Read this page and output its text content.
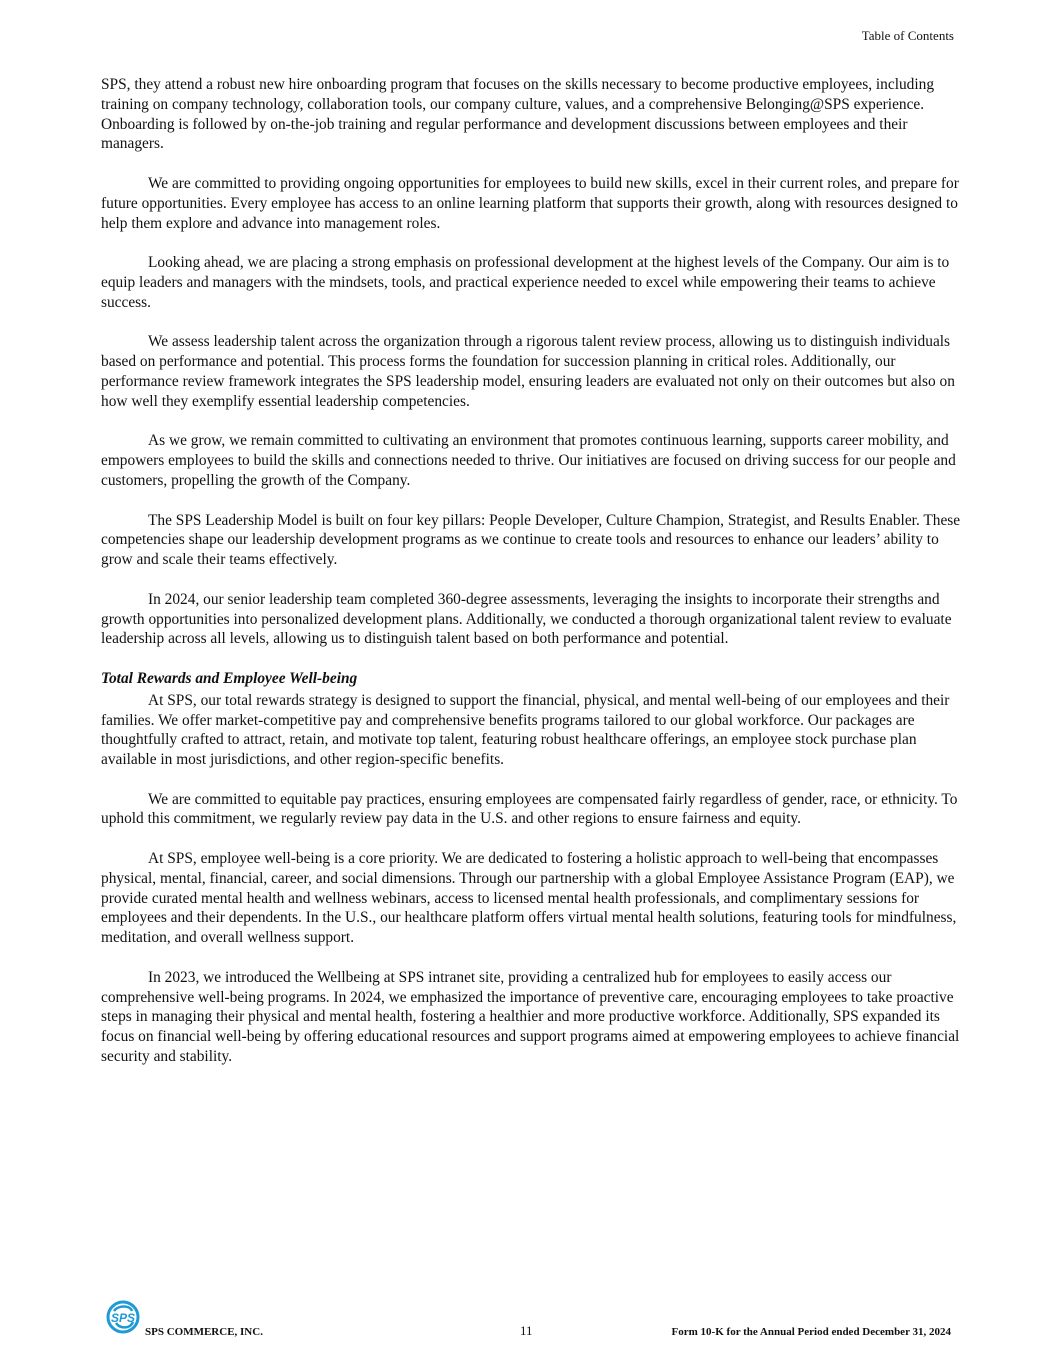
Table of Contents

SPS, they attend a robust new hire onboarding program that focuses on the skills necessary to become productive employees, including training on company technology, collaboration tools, our company culture, values, and a comprehensive Belonging@SPS experience. Onboarding is followed by on-the-job training and regular performance and development discussions between employees and their managers.

We are committed to providing ongoing opportunities for employees to build new skills, excel in their current roles, and prepare for future opportunities. Every employee has access to an online learning platform that supports their growth, along with resources designed to help them explore and advance into management roles.

Looking ahead, we are placing a strong emphasis on professional development at the highest levels of the Company. Our aim is to equip leaders and managers with the mindsets, tools, and practical experience needed to excel while empowering their teams to achieve success.

We assess leadership talent across the organization through a rigorous talent review process, allowing us to distinguish individuals based on performance and potential. This process forms the foundation for succession planning in critical roles. Additionally, our performance review framework integrates the SPS leadership model, ensuring leaders are evaluated not only on their outcomes but also on how well they exemplify essential leadership competencies.

As we grow, we remain committed to cultivating an environment that promotes continuous learning, supports career mobility, and empowers employees to build the skills and connections needed to thrive. Our initiatives are focused on driving success for our people and customers, propelling the growth of the Company.

The SPS Leadership Model is built on four key pillars: People Developer, Culture Champion, Strategist, and Results Enabler. These competencies shape our leadership development programs as we continue to create tools and resources to enhance our leaders’ ability to grow and scale their teams effectively.

In 2024, our senior leadership team completed 360-degree assessments, leveraging the insights to incorporate their strengths and growth opportunities into personalized development plans. Additionally, we conducted a thorough organizational talent review to evaluate leadership across all levels, allowing us to distinguish talent based on both performance and potential.

Total Rewards and Employee Well-being

At SPS, our total rewards strategy is designed to support the financial, physical, and mental well-being of our employees and their families. We offer market-competitive pay and comprehensive benefits programs tailored to our global workforce. Our packages are thoughtfully crafted to attract, retain, and motivate top talent, featuring robust healthcare offerings, an employee stock purchase plan available in most jurisdictions, and other region-specific benefits.

We are committed to equitable pay practices, ensuring employees are compensated fairly regardless of gender, race, or ethnicity. To uphold this commitment, we regularly review pay data in the U.S. and other regions to ensure fairness and equity.

At SPS, employee well-being is a core priority. We are dedicated to fostering a holistic approach to well-being that encompasses physical, mental, financial, career, and social dimensions. Through our partnership with a global Employee Assistance Program (EAP), we provide curated mental health and wellness webinars, access to licensed mental health professionals, and complimentary sessions for employees and their dependents. In the U.S., our healthcare platform offers virtual mental health solutions, featuring tools for mindfulness, meditation, and overall wellness support.

In 2023, we introduced the Wellbeing at SPS intranet site, providing a centralized hub for employees to easily access our comprehensive well-being programs. In 2024, we emphasized the importance of preventive care, encouraging employees to take proactive steps in managing their physical and mental health, fostering a healthier and more productive workforce. Additionally, SPS expanded its focus on financial well-being by offering educational resources and support programs aimed at empowering employees to achieve financial security and stability.

SPS
SPS COMMERCE, INC.	11	Form 10-K for the Annual Period ended December 31, 2024
